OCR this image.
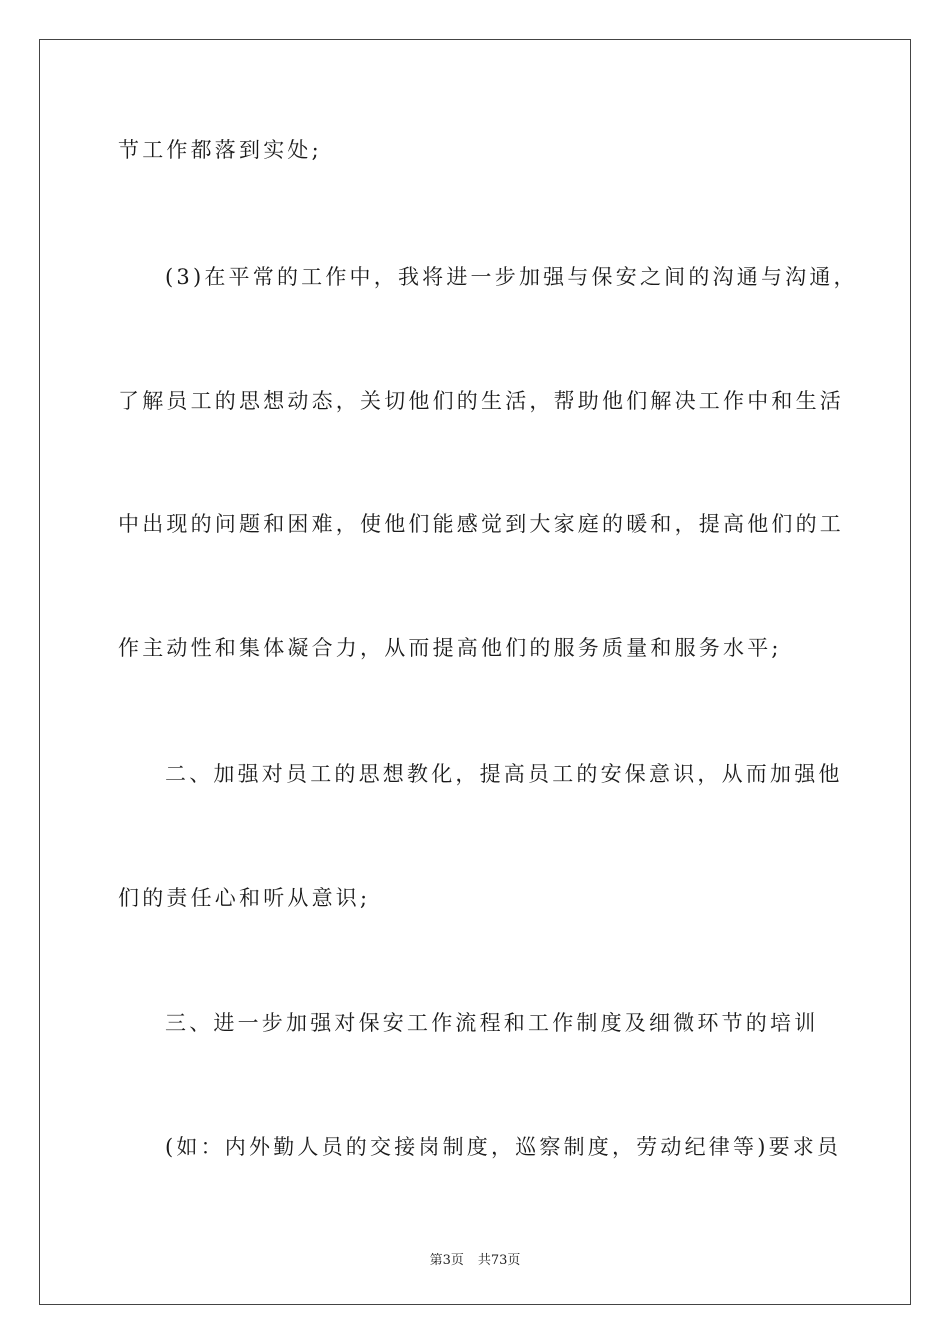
节工作都落到实处;
(3)在平常的工作中，我将进一步加强与保安之间的沟通与沟通，
了解员工的思想动态，关切他们的生活，帮助他们解决工作中和生活
中出现的问题和困难，使他们能感觉到大家庭的暖和，提高他们的工
作主动性和集体凝合力，从而提高他们的服务质量和服务水平;
二、加强对员工的思想教化，提高员工的安保意识，从而加强他
们的责任心和听从意识;
三、进一步加强对保安工作流程和工作制度及细微环节的培训
(如：内外勤人员的交接岗制度，巡察制度，劳动纪律等)要求员
第3页 共73页
